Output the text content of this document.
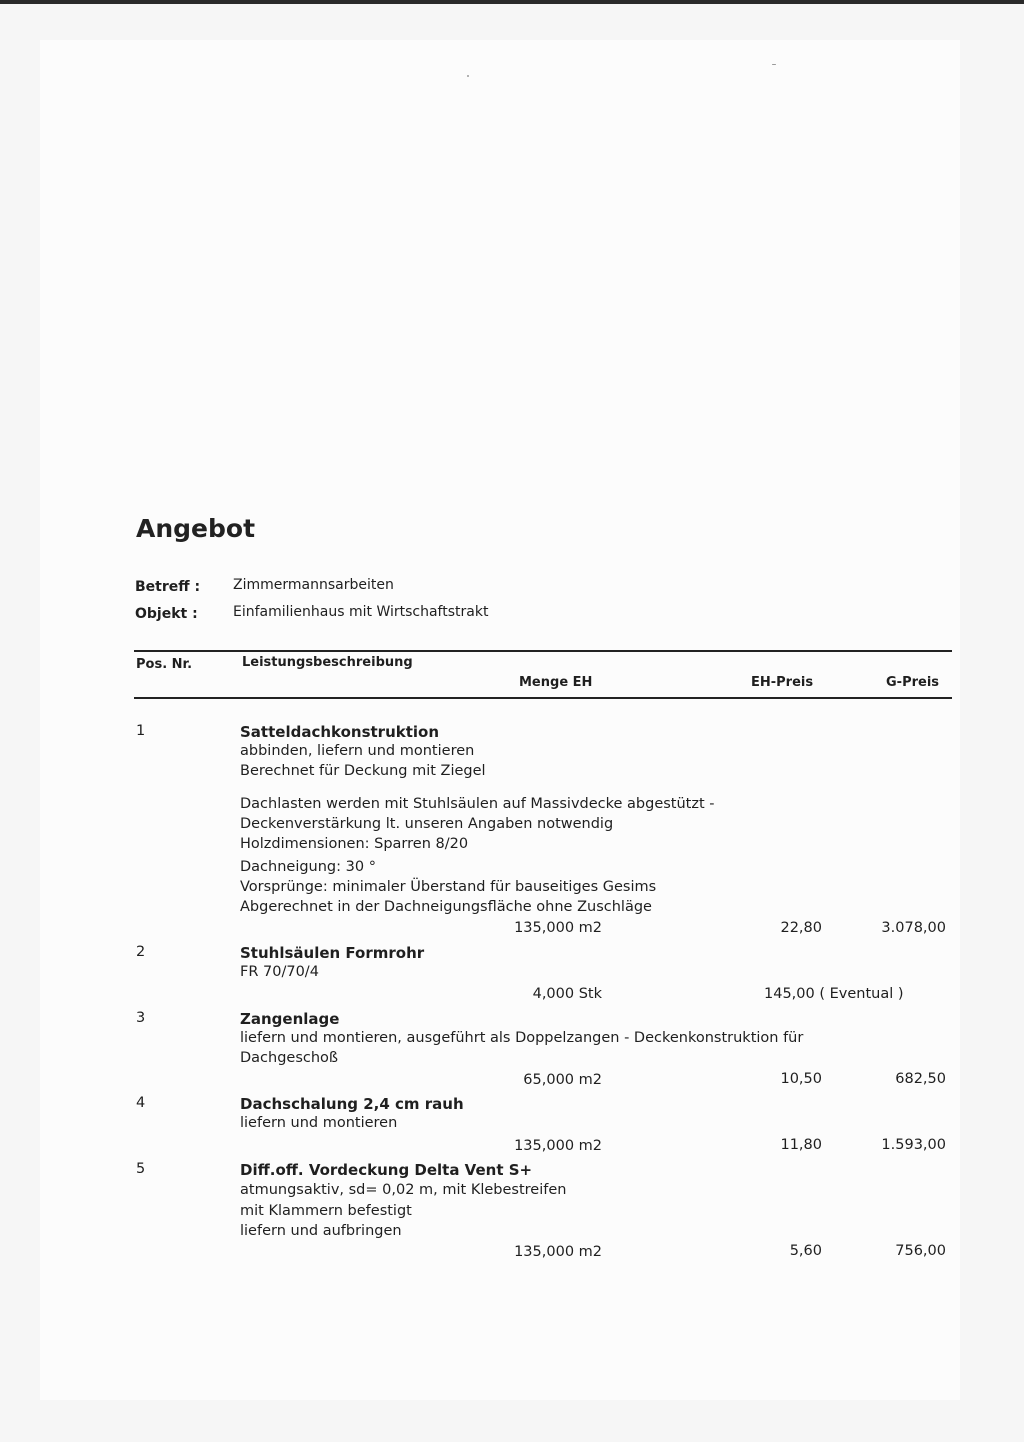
Angebot
Betreff : Zimmermannsarbeiten
Objekt :	Einfamilienhaus mit Wirtschaftstrakt
Pos. Nr.	Leistungsbeschreibung
Menge EH	EH-Preis	G-Preis
1	Satteldachkonstruktion
abbinden, liefern und montieren
Berechnet für Deckung mit Ziegel
Dachlasten werden mit Stuhlsäulen auf Massivdecke abgestützt -
Deckenverstärkung lt. unseren Angaben notwendig
Holzdimensionen: Sparren 8/20
Dachneigung: 30 °
Vorsprünge: minimaler Überstand für bauseitiges Gesims
Abgerechnet in der Dachneigungsfläche ohne Zuschläge
135,000 m2	22,80	3.078,00
2	Stuhlsäulen Formrohr
FR 70/70/4
4,000 Stk	145,00 ( Eventual )
3	Zangenlage
liefern und montieren, ausgeführt als Doppelzangen - Deckenkonstruktion für
Dachgeschoß
65,000 m2	10,50	682,50
4	Dachschalung 2,4 cm rauh
liefern und montieren
135,000 m2	11,80	1.593,00
5	Diff.off. Vordeckung Delta Vent S+
atmungsaktiv, sd= 0,02 m, mit Klebestreifen
mit Klammern befestigt
liefern und aufbringen
135,000 m2	5,60	756,00
